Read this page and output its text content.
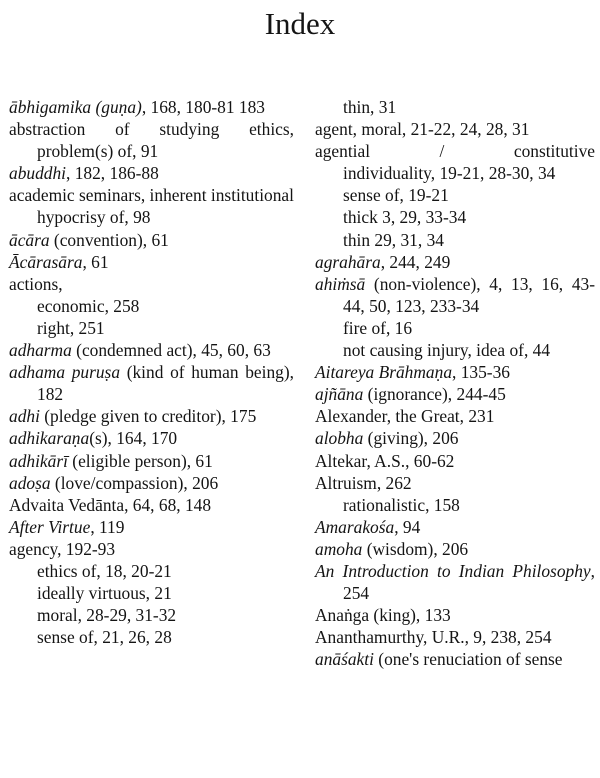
Index
ābhigamika (guṇa), 168, 180-81 183
abstraction of studying ethics, problem(s) of, 91
abuddhi, 182, 186-88
academic seminars, inherent institutional hypocrisy of, 98
ācāra (convention), 61
Ācārasāra, 61
actions,
economic, 258
right, 251
adharma (condemned act), 45, 60, 63
adhama puruṣa (kind of human being), 182
adhi (pledge given to creditor), 175
adhikaraṇa(s), 164, 170
adhikārī (eligible person), 61
adoṣa (love/compassion), 206
Advaita Vedānta, 64, 68, 148
After Virtue, 119
agency, 192-93
ethics of, 18, 20-21
ideally virtuous, 21
moral, 28-29, 31-32
sense of, 21, 26, 28
thin, 31
agent, moral, 21-22, 24, 28, 31
agential / constitutive
individuality, 19-21, 28-30, 34
sense of, 19-21
thick 3, 29, 33-34
thin 29, 31, 34
agrahāra, 244, 249
ahiṁsā (non-violence), 4, 13, 16, 43-44, 50, 123, 233-34
fire of, 16
not causing injury, idea of, 44
Aitareya Brāhmaṇa, 135-36
ajñāna (ignorance), 244-45
Alexander, the Great, 231
alobha (giving), 206
Altekar, A.S., 60-62
Altruism, 262
rationalistic, 158
Amarakośa, 94
amoha (wisdom), 206
An Introduction to Indian Philosophy, 254
Anaṅga (king), 133
Ananthamurthy, U.R., 9, 238, 254
anāśakti (one's renuciation of sense
